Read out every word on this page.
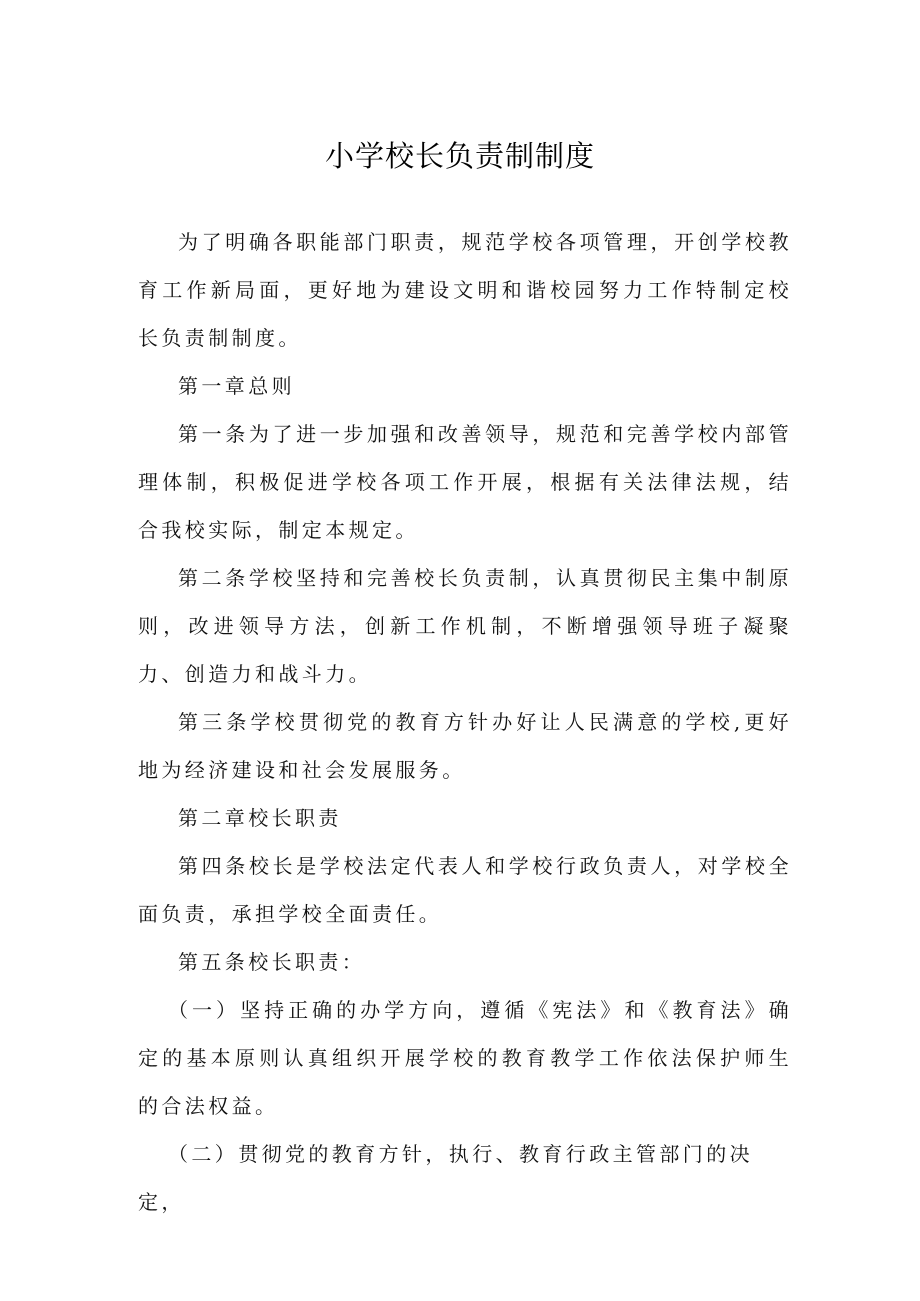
小学校长负责制制度

为了明确各职能部门职责，规范学校各项管理，开创学校教育工作新局面，更好地为建设文明和谐校园努力工作特制定校长负责制制度。

第一章总则

第一条为了进一步加强和改善领导，规范和完善学校内部管理体制，积极促进学校各项工作开展，根据有关法律法规，结合我校实际，制定本规定。

第二条学校坚持和完善校长负责制，认真贯彻民主集中制原则，改进领导方法，创新工作机制，不断增强领导班子凝聚力、创造力和战斗力。

第三条学校贯彻党的教育方针办好让人民满意的学校,更好地为经济建设和社会发展服务。

第二章校长职责

第四条校长是学校法定代表人和学校行政负责人，对学校全面负责，承担学校全面责任。

第五条校长职责：

（一）坚持正确的办学方向，遵循《宪法》和《教育法》确定的基本原则认真组织开展学校的教育教学工作依法保护师生的合法权益。

（二）贯彻党的教育方针，执行、教育行政主管部门的决定，
